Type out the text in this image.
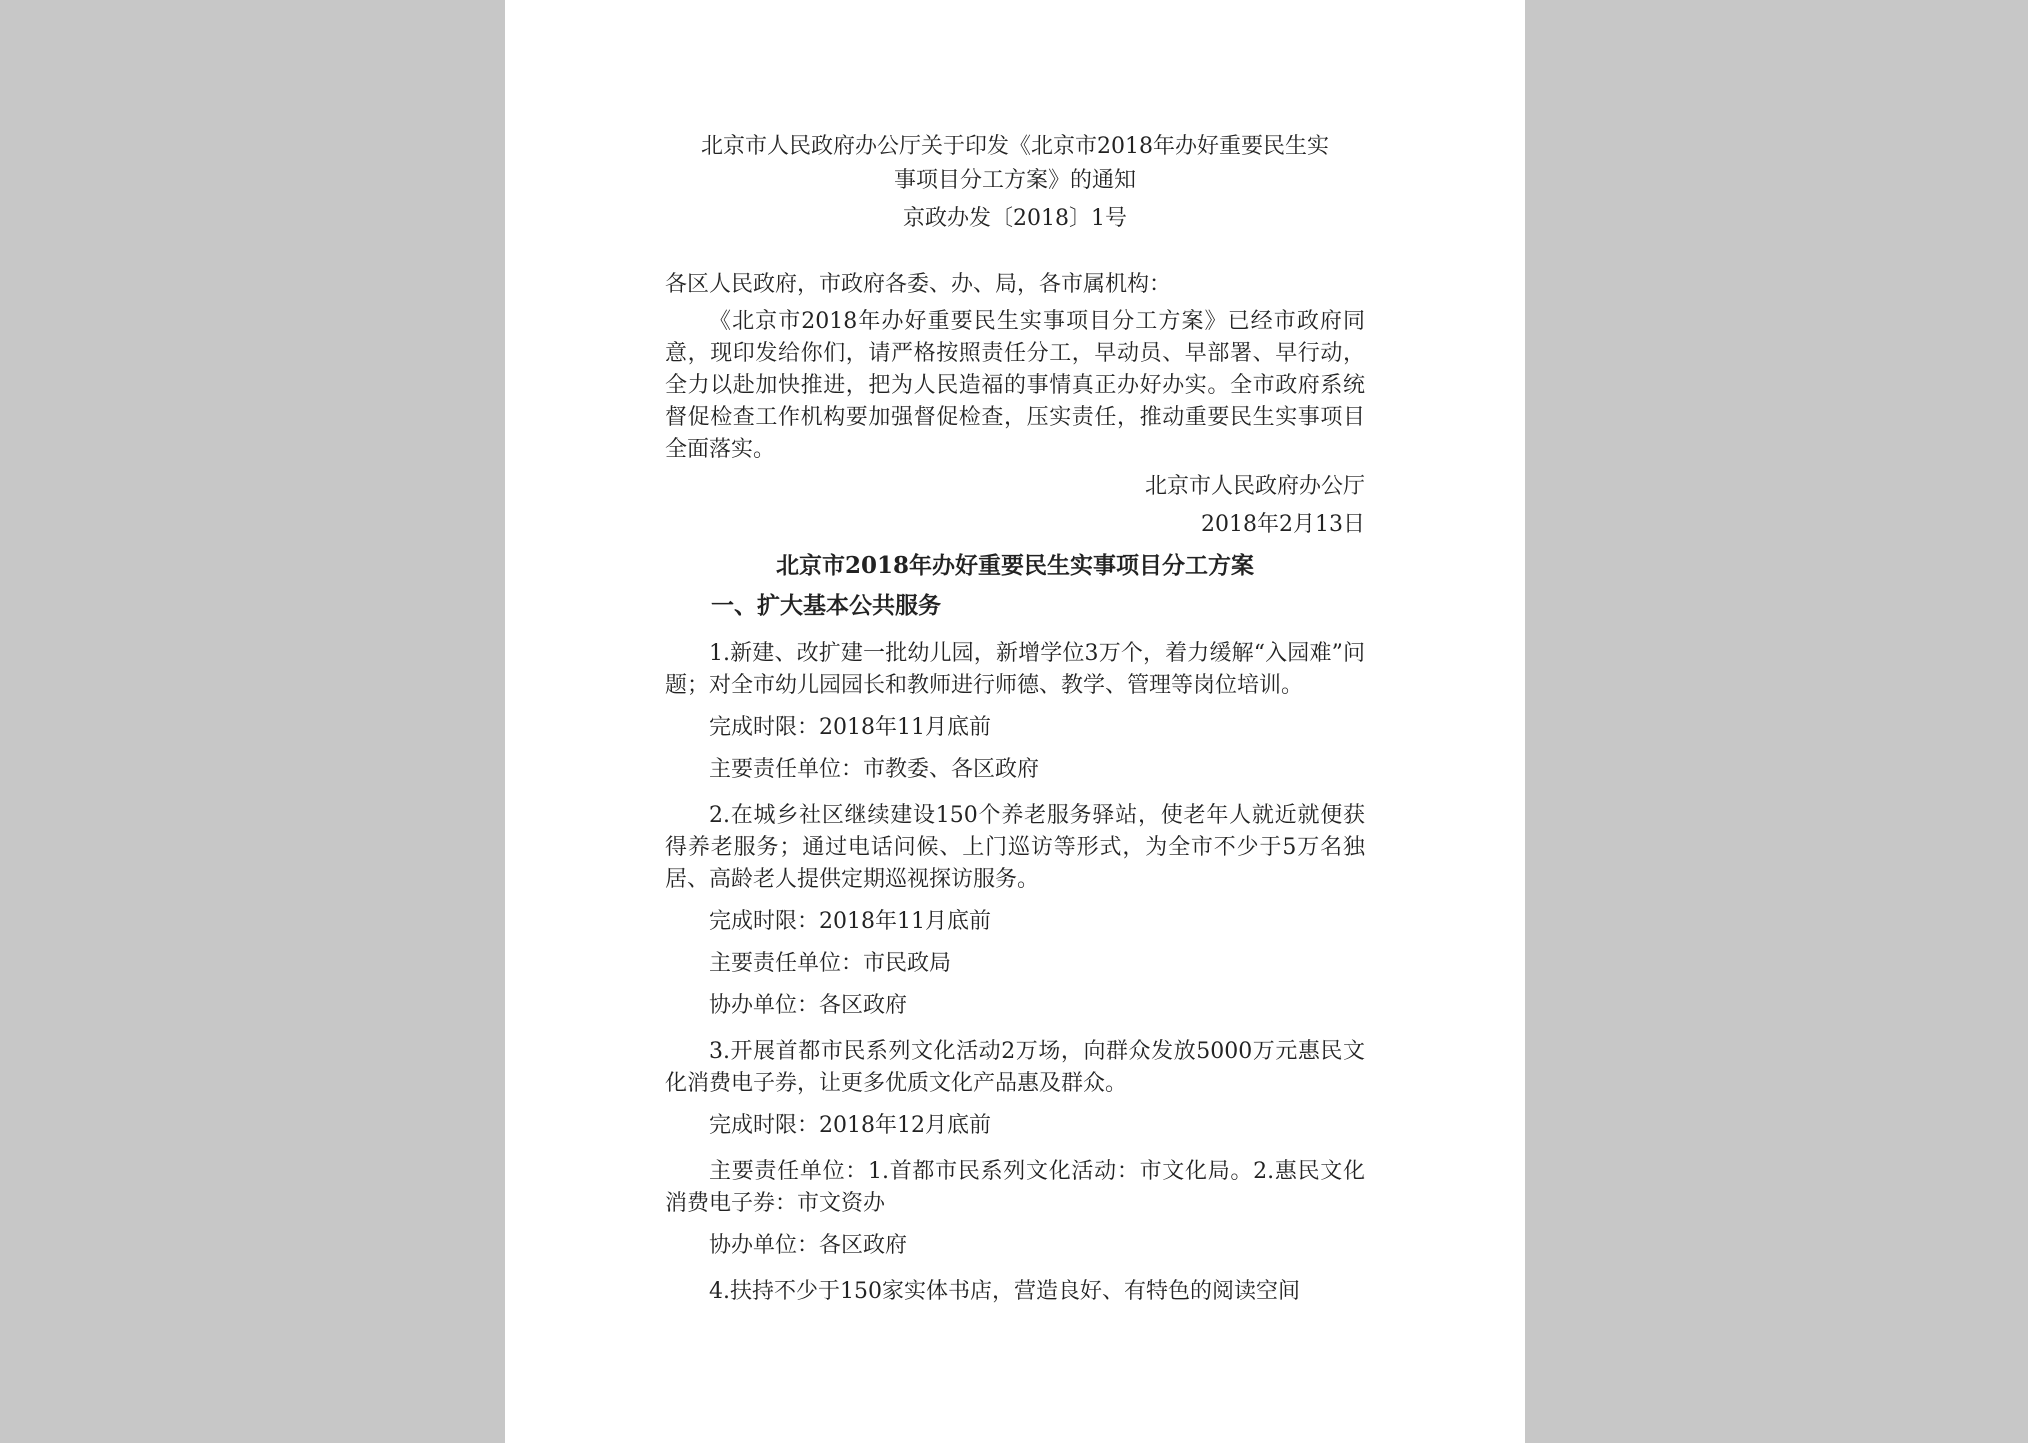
北京市人民政府办公厅关于印发《北京市2018年办好重要民生实
事项目分工方案》的通知
京政办发〔2018〕1号
各区人民政府，市政府各委、办、局，各市属机构：

《北京市2018年办好重要民生实事项目分工方案》已经市政府同意，现印发给你们，请严格按照责任分工，早动员、早部署、早行动，全力以赴加快推进，把为人民造福的事情真正办好办实。全市政府系统督促检查工作机构要加强督促检查，压实责任，推动重要民生实事项目全面落实。

北京市人民政府办公厅
2018年2月13日
北京市2018年办好重要民生实事项目分工方案
一、扩大基本公共服务

1.新建、改扩建一批幼儿园，新增学位3万个，着力缓解“入园难”问题；对全市幼儿园园长和教师进行师德、教学、管理等岗位培训。

完成时限：2018年11月底前

主要责任单位：市教委、各区政府

2.在城乡社区继续建设150个养老服务驿站，使老年人就近就便获得养老服务；通过电话问候、上门巡访等形式，为全市不少于5万名独居、高龄老人提供定期巡视探访服务。

完成时限：2018年11月底前

主要责任单位：市民政局

协办单位：各区政府

3.开展首都市民系列文化活动2万场，向群众发放5000万元惠民文化消费电子券，让更多优质文化产品惠及群众。

完成时限：2018年12月底前

主要责任单位：1.首都市民系列文化活动：市文化局。2.惠民文化消费电子券：市文资办

协办单位：各区政府

4.扶持不少于150家实体书店，营造良好、有特色的阅读空间
